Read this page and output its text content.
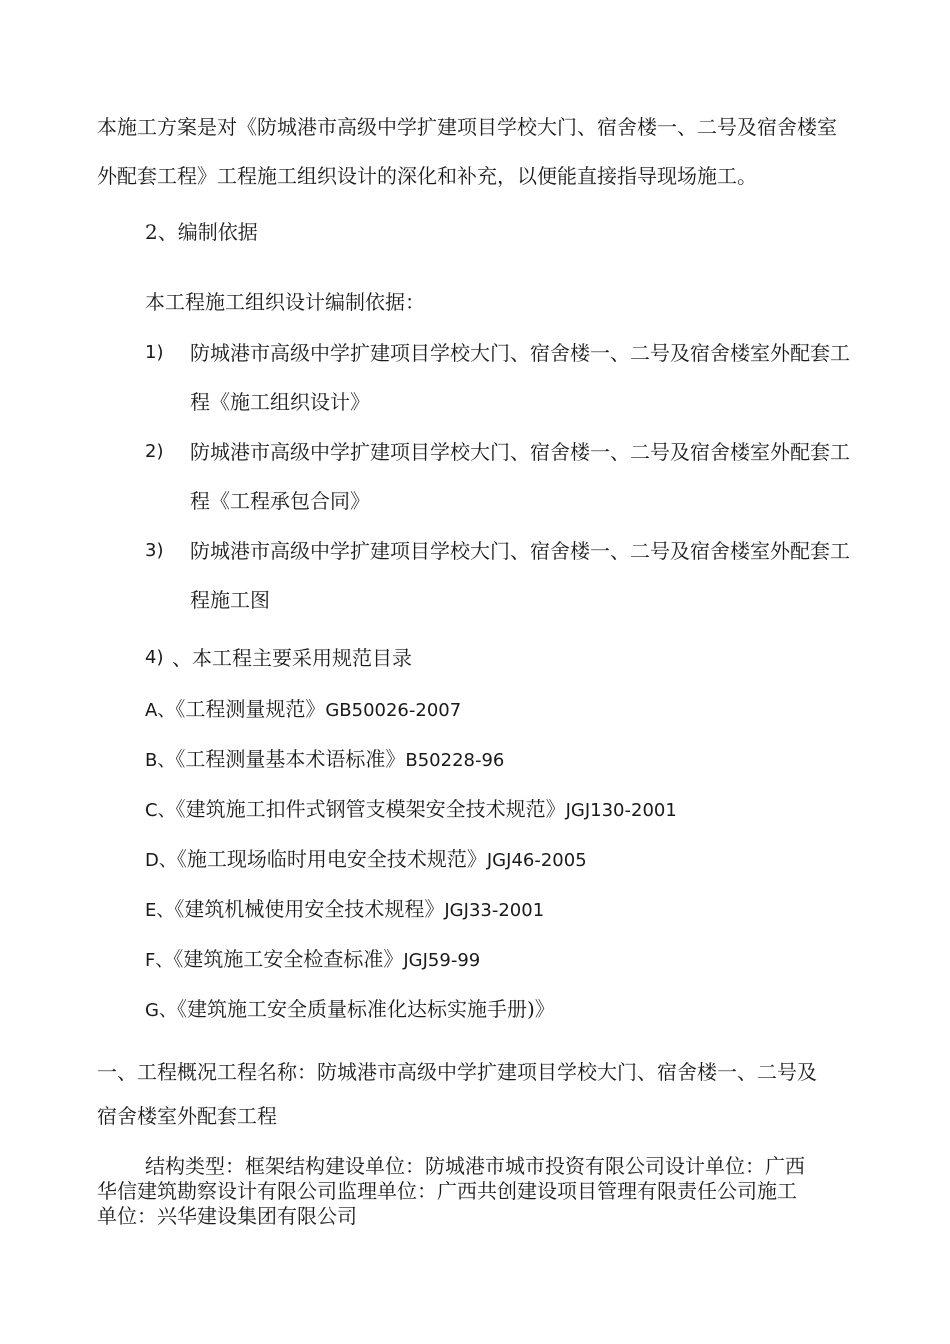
本施工方案是对《防城港市高级中学扩建项目学校大门、宿舍楼一、二号及宿舍楼室
外配套工程》工程施工组织设计的深化和补充，以便能直接指导现场施工。
2、编制依据
本工程施工组织设计编制依据：
1) 防城港市高级中学扩建项目学校大门、宿舍楼一、二号及宿舍楼室外配套工
程《施工组织设计》
2) 防城港市高级中学扩建项目学校大门、宿舍楼一、二号及宿舍楼室外配套工
程《工程承包合同》
3) 防城港市高级中学扩建项目学校大门、宿舍楼一、二号及宿舍楼室外配套工
程施工图
4) 、本工程主要采用规范目录
A、《工程测量规范》GB50026-2007
B、《工程测量基本术语标准》B50228-96
C、《建筑施工扣件式钢管支模架安全技术规范》JGJ130-2001
D、《施工现场临时用电安全技术规范》JGJ46-2005
E、《建筑机械使用安全技术规程》JGJ33-2001
F、《建筑施工安全检查标准》JGJ59-99
G、《建筑施工安全质量标准化达标实施手册)》
一、工程概况工程名称：防城港市高级中学扩建项目学校大门、宿舍楼一、二号及
宿舍楼室外配套工程
结构类型：框架结构建设单位：防城港市城市投资有限公司设计单位：广西
华信建筑勘察设计有限公司监理单位：广西共创建设项目管理有限责任公司施工
单位：兴华建设集团有限公司
